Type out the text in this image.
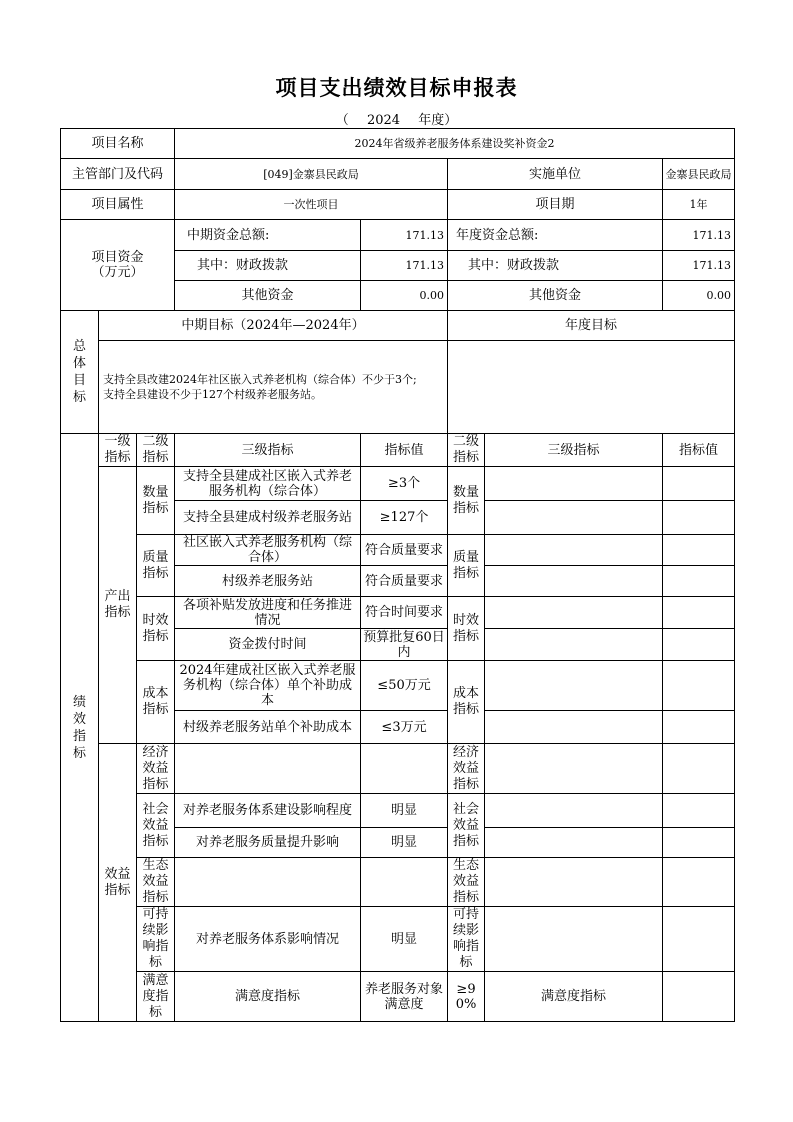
项目支出绩效目标申报表
（ 2024 年度）
项目名称			2024年省级养老服务体系建设奖补资金2					
主管部门及代码			[049]金寨县民政局		实施单位		金寨县民政局	
项目属性			一次性项目		项目期		1年	

项目资金
（万元）			中期资金总额:	171.13	年度资金总额:		171.13	
			其中：财政拨款	171.13	其中：财政拨款		171.13	
			其他资金	0.00	其他资金		0.00	
总体目标	中期目标（2024年—2024年）				年度目标			

	支持全县改建2024年社区嵌入式养老机构（综合体）不少于3个;
支持全县建设不少于127个村级养老服务站。							

绩效指标	一级指标	二级指标	三级指标	指标值	二级指标	三级指标	指标值	
	产出指标	数量指标	支持全县建成社区嵌入式养老服务机构（综合体）	≥3个	数量指标			
			支持全县建成村级养老服务站	≥127个				
		质量指标	社区嵌入式养老服务机构（综合体）	符合质量要求	质量指标			
			村级养老服务站	符合质量要求				
		时效指标	各项补贴发放进度和任务推进情况	符合时间要求	时效指标			
			资金拨付时间	预算批复60日内				
		成本指标	2024年建成社区嵌入式养老服务机构（综合体）单个补助成本	≤50万元	成本指标			
			村级养老服务站单个补助成本	≤3万元				
	效益指标	经济效益指标			经济效益指标			
		社会效益指标	对养老服务体系建设影响程度	明显	社会效益指标			
			对养老服务质量提升影响	明显				
		生态效益指标			生态效益指标			
		可持续影响指标	对养老服务体系影响情况	明显	可持续影响指标			
		满意度指标	满意度指标	养老服务对象满意度	≥90%	满意度指标		
